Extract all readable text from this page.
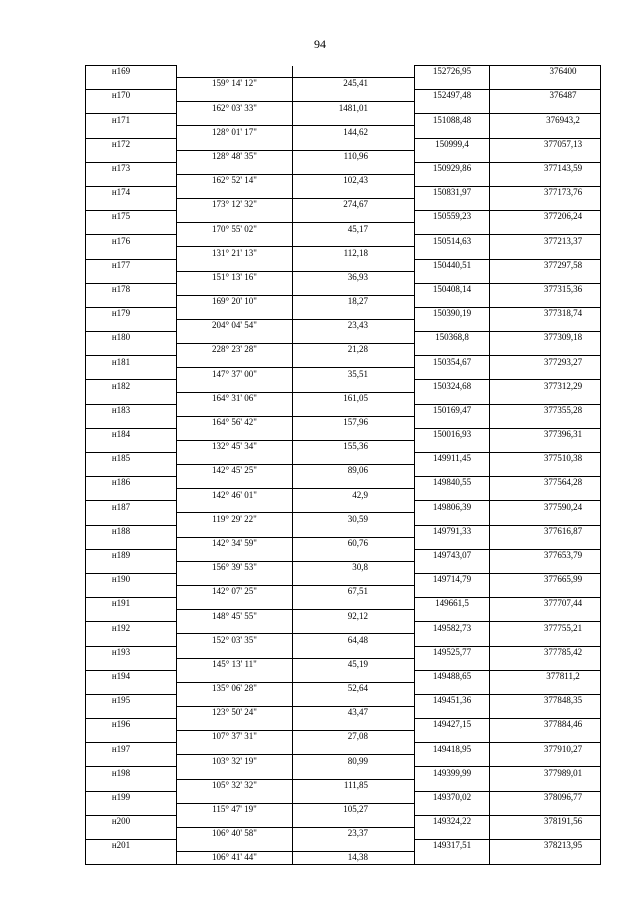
94
н169			152726,95	376400
	159° 14' 12"	245,41		
н170			152497,48	376487
	162° 03' 33"	1481,01		
н171			151088,48	376943,2
	128° 01' 17"	144,62		
н172			150999,4	377057,13
	128° 48' 35"	110,96		
н173			150929,86	377143,59
	162° 52' 14"	102,43		
н174			150831,97	377173,76
	173° 12' 32"	274,67		
н175			150559,23	377206,24
	170° 55' 02"	45,17		
н176			150514,63	377213,37
	131° 21' 13"	112,18		
н177			150440,51	377297,58
	151° 13' 16"	36,93		
н178			150408,14	377315,36
	169° 20' 10"	18,27		
н179			150390,19	377318,74
	204° 04' 54"	23,43		
н180			150368,8	377309,18
	228° 23' 28"	21,28		
н181			150354,67	377293,27
	147° 37' 00"	35,51		
н182			150324,68	377312,29
	164° 31' 06"	161,05		
н183			150169,47	377355,28
	164° 56' 42"	157,96		
н184			150016,93	377396,31
	132° 45' 34"	155,36		
н185			149911,45	377510,38
	142° 45' 25"	89,06		
н186			149840,55	377564,28
	142° 46' 01"	42,9		
н187			149806,39	377590,24
	119° 29' 22"	30,59		
н188			149791,33	377616,87
	142° 34' 59"	60,76		
н189			149743,07	377653,79
	156° 39' 53"	30,8		
н190			149714,79	377665,99
	142° 07' 25"	67,51		
н191			149661,5	377707,44
	148° 45' 55"	92,12		
н192			149582,73	377755,21
	152° 03' 35"	64,48		
н193			149525,77	377785,42
	145° 13' 11"	45,19		
н194			149488,65	377811,2
	135° 06' 28"	52,64		
н195			149451,36	377848,35
	123° 50' 24"	43,47		
н196			149427,15	377884,46
	107° 37' 31"	27,08		
н197			149418,95	377910,27
	103° 32' 19"	80,99		
н198			149399,99	377989,01
	105° 32' 32"	111,85		
н199			149370,02	378096,77
	115° 47' 19"	105,27		
н200			149324,22	378191,56
	106° 40' 58"	23,37		
н201			149317,51	378213,95
	106° 41' 44"	14,38		
